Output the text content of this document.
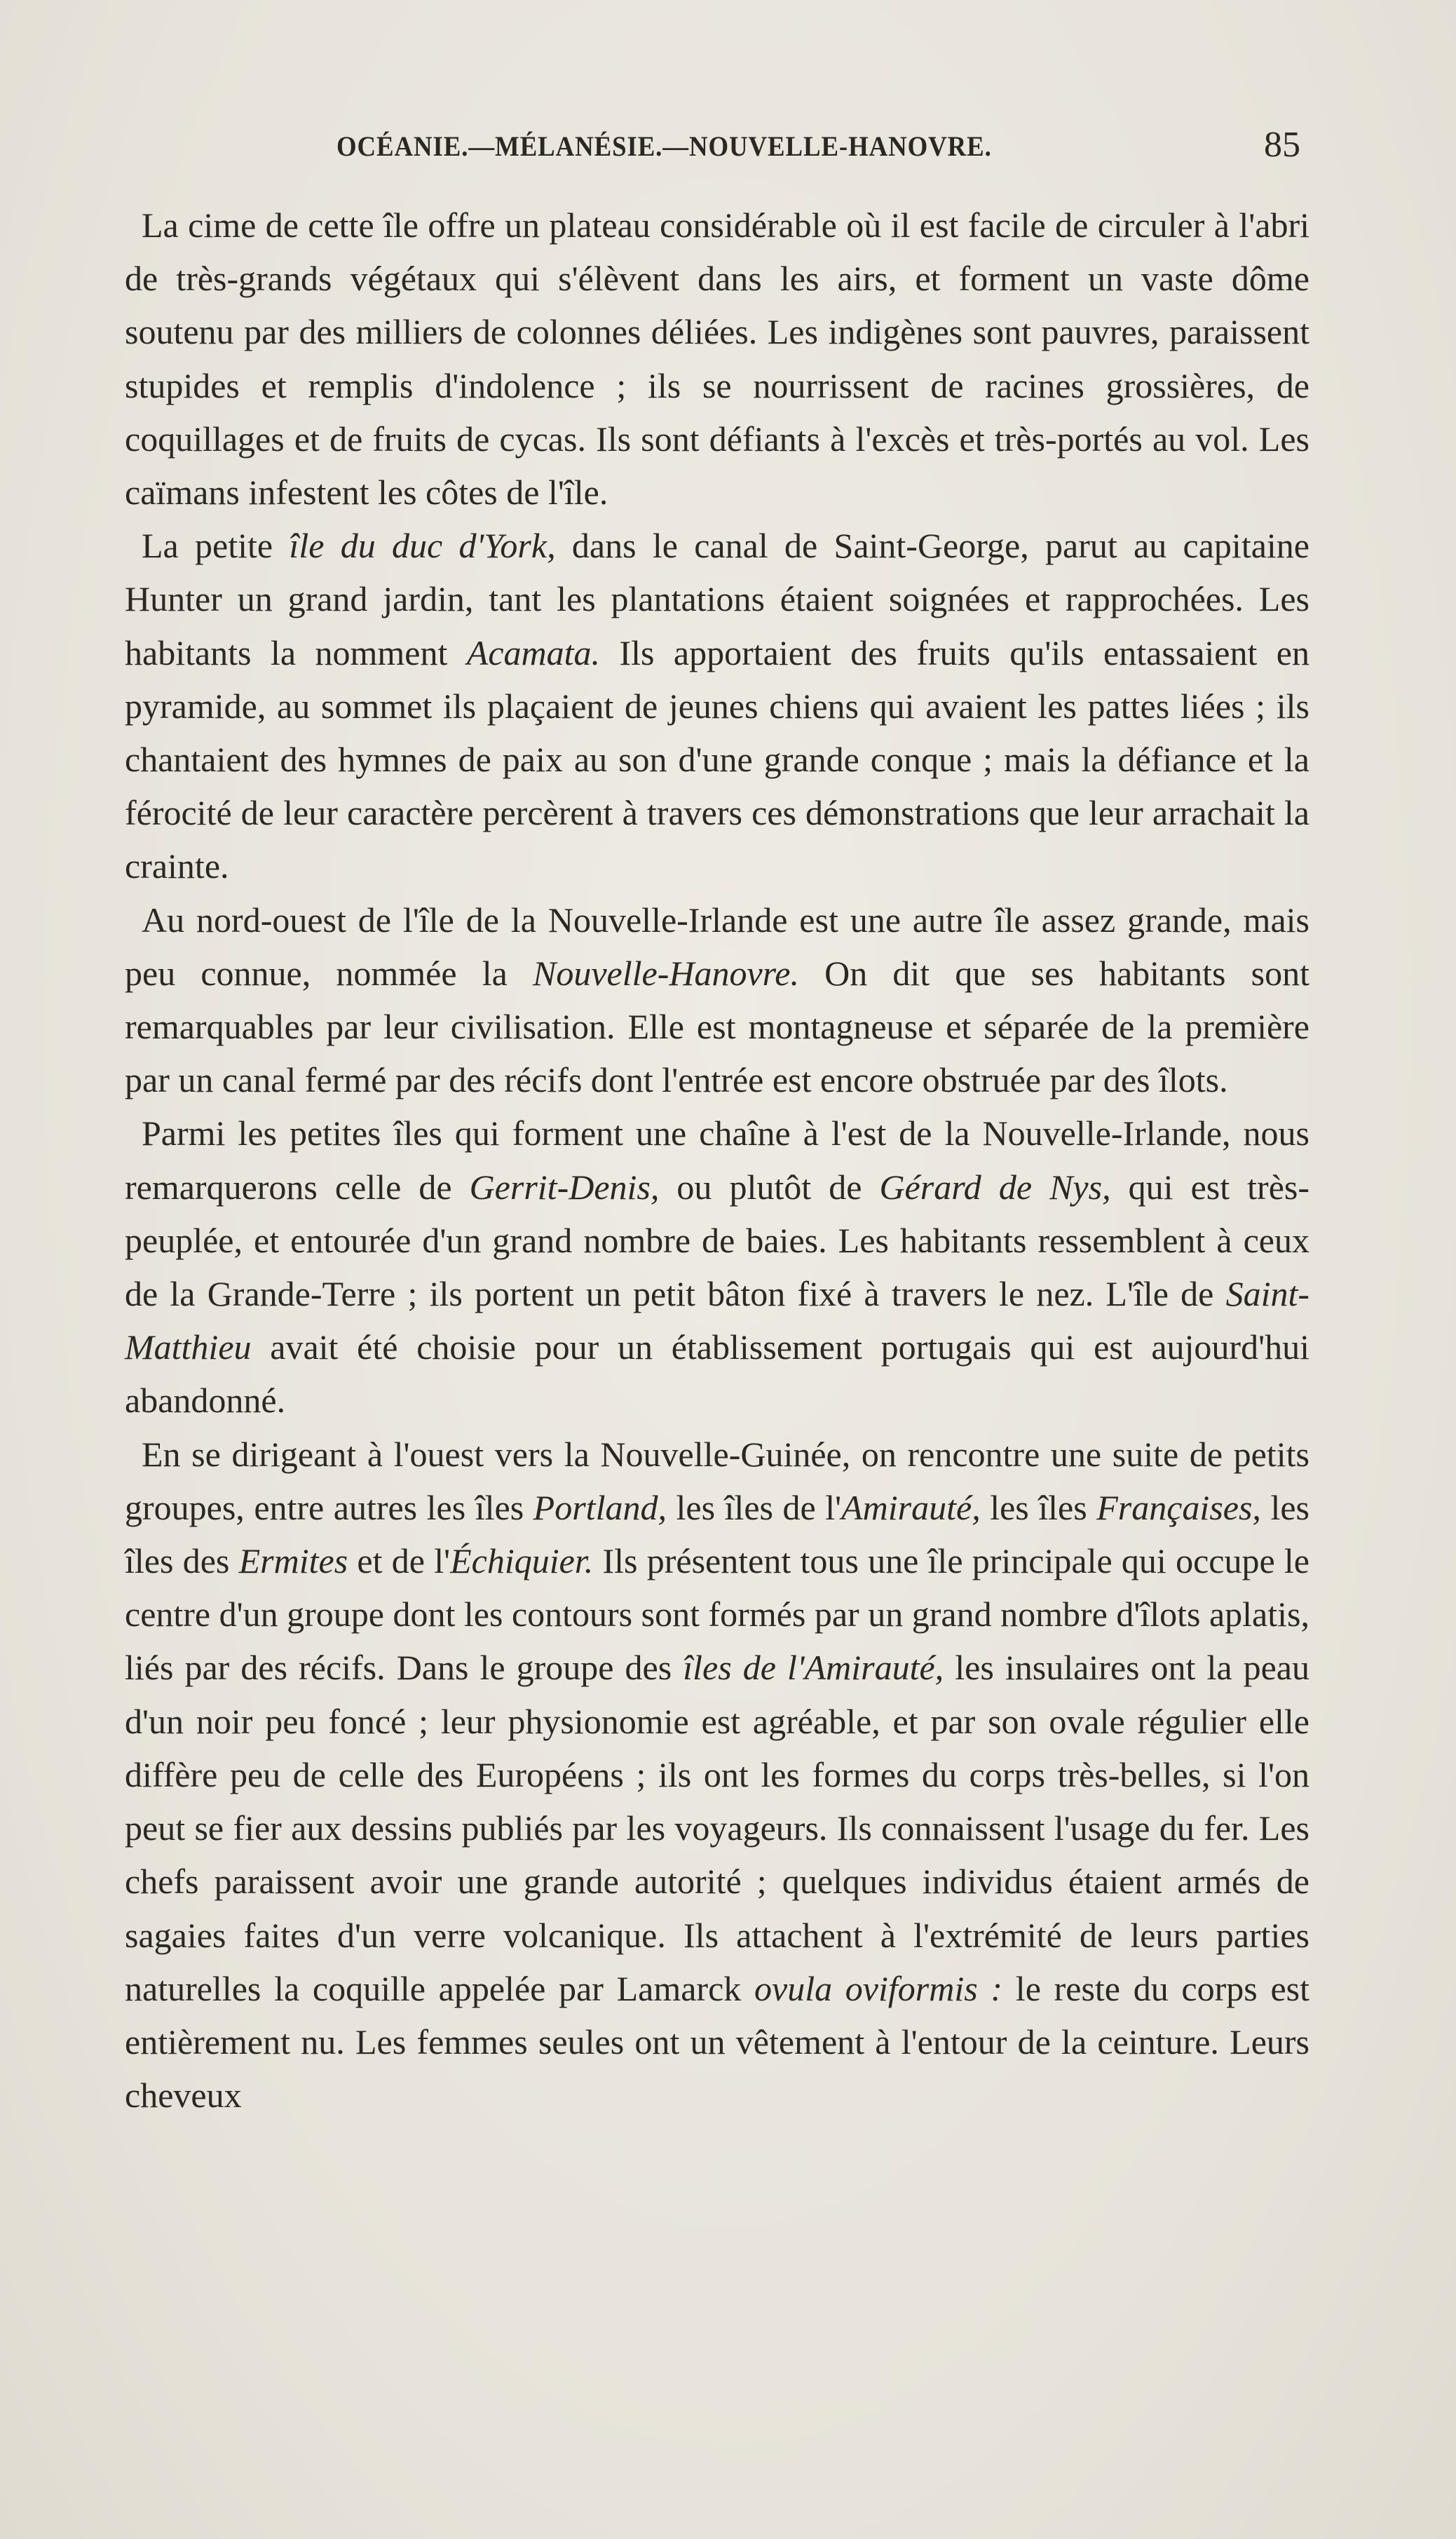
OCÉANIE.—MÉLANÉSIE.—NOUVELLE-HANOVRE.	85

La cime de cette île offre un plateau considérable où il est facile de circuler à l'abri de très-grands végétaux qui s'élèvent dans les airs, et forment un vaste dôme soutenu par des milliers de colonnes déliées. Les indigènes sont pauvres, paraissent stupides et remplis d'indolence ; ils se nourrissent de racines grossières, de coquillages et de fruits de cycas. Ils sont défiants à l'excès et très-portés au vol. Les caïmans infestent les côtes de l'île.

La petite île du duc d'York, dans le canal de Saint-George, parut au capitaine Hunter un grand jardin, tant les plantations étaient soignées et rapprochées. Les habitants la nomment Acamata. Ils apportaient des fruits qu'ils entassaient en pyramide, au sommet ils plaçaient de jeunes chiens qui avaient les pattes liées ; ils chantaient des hymnes de paix au son d'une grande conque ; mais la défiance et la férocité de leur caractère percèrent à travers ces démonstrations que leur arrachait la crainte.

Au nord-ouest de l'île de la Nouvelle-Irlande est une autre île assez grande, mais peu connue, nommée la Nouvelle-Hanovre. On dit que ses habitants sont remarquables par leur civilisation. Elle est montagneuse et séparée de la première par un canal fermé par des récifs dont l'entrée est encore obstruée par des îlots.

Parmi les petites îles qui forment une chaîne à l'est de la Nouvelle-Irlande, nous remarquerons celle de Gerrit-Denis, ou plutôt de Gérard de Nys, qui est très-peuplée, et entourée d'un grand nombre de baies. Les habitants ressemblent à ceux de la Grande-Terre ; ils portent un petit bâton fixé à travers le nez. L'île de Saint-Matthieu avait été choisie pour un établissement portugais qui est aujourd'hui abandonné.

En se dirigeant à l'ouest vers la Nouvelle-Guinée, on rencontre une suite de petits groupes, entre autres les îles Portland, les îles de l'Amirauté, les îles Françaises, les îles des Ermites et de l'Échiquier. Ils présentent tous une île principale qui occupe le centre d'un groupe dont les contours sont formés par un grand nombre d'îlots aplatis, liés par des récifs. Dans le groupe des îles de l'Amirauté, les insulaires ont la peau d'un noir peu foncé ; leur physionomie est agréable, et par son ovale régulier elle diffère peu de celle des Européens ; ils ont les formes du corps très-belles, si l'on peut se fier aux dessins publiés par les voyageurs. Ils connaissent l'usage du fer. Les chefs paraissent avoir une grande autorité ; quelques individus étaient armés de sagaies faites d'un verre volcanique. Ils attachent à l'extrémité de leurs parties naturelles la coquille appelée par Lamarck ovula oviformis : le reste du corps est entièrement nu. Les femmes seules ont un vêtement à l'entour de la ceinture. Leurs cheveux
